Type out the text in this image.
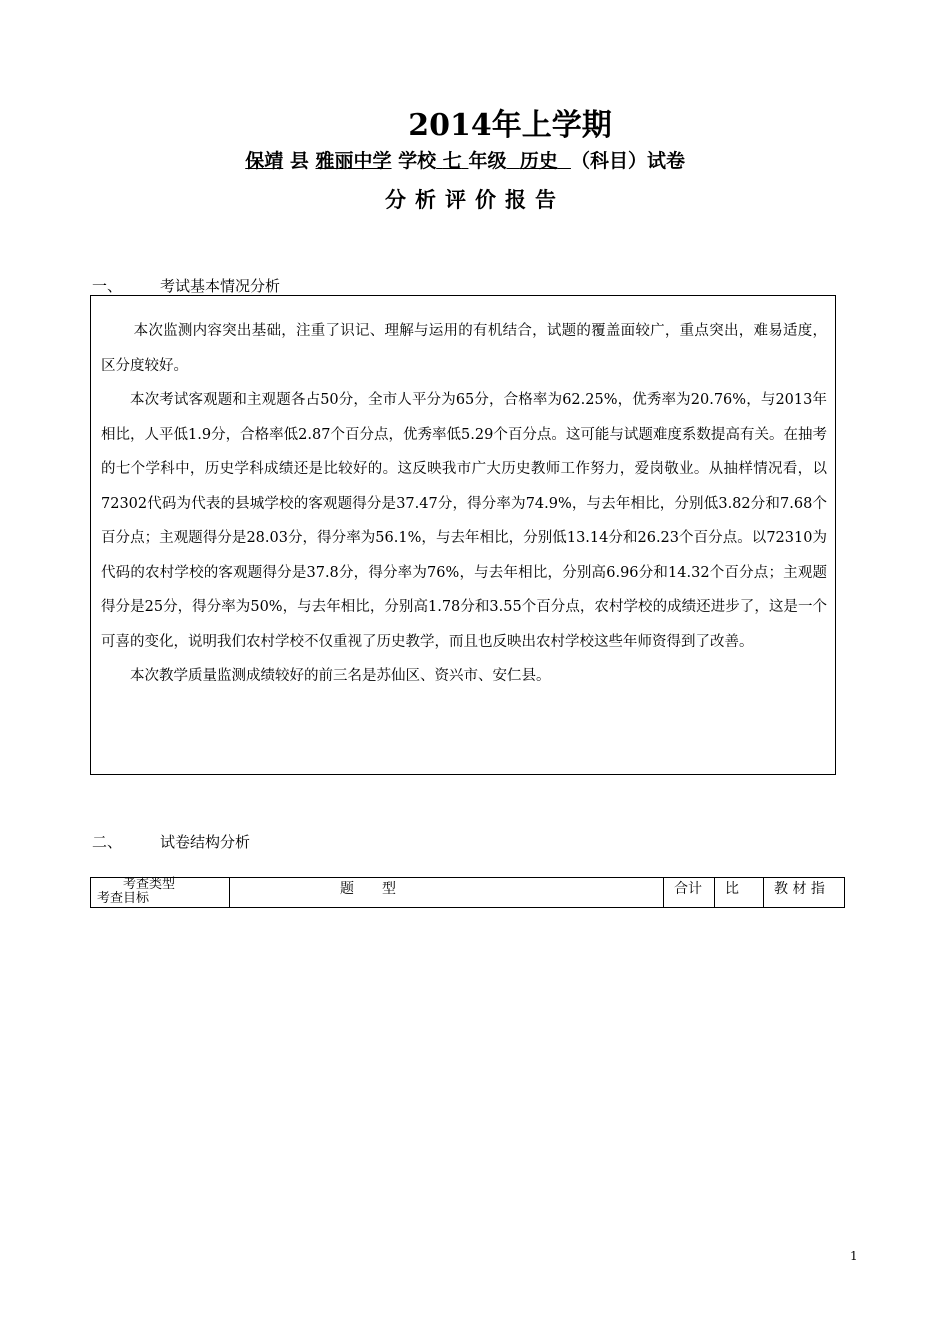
2014年上学期
保靖 县 雅丽中学 学校 七 年级 历史 （科目）试卷
分析评价报告
一、	考试基本情况分析

本次监测内容突出基础，注重了识记、理解与运用的有机结合，试题的覆盖面较广，重点突出，难易适度，区分度较好。

本次考试客观题和主观题各占50分，全市人平分为65分，合格率为62.25%，优秀率为20.76%，与2013年相比，人平低1.9分，合格率低2.87个百分点，优秀率低5.29个百分点。这可能与试题难度系数提高有关。在抽考的七个学科中，历史学科成绩还是比较好的。这反映我市广大历史教师工作努力，爱岗敬业。从抽样情况看，以72302代码为代表的县城学校的客观题得分是37.47分，得分率为74.9%，与去年相比，分别低3.82分和7.68个百分点；主观题得分是28.03分，得分率为56.1%，与去年相比，分别低13.14分和26.23个百分点。以72310为代码的农村学校的客观题得分是37.8分，得分率为76%，与去年相比，分别高6.96分和14.32个百分点；主观题得分是25分，得分率为50%，与去年相比，分别高1.78分和3.55个百分点，农村学校的成绩还进步了，这是一个可喜的变化，说明我们农村学校不仅重视了历史教学，而且也反映出农村学校这些年师资得到了改善。

本次教学质量监测成绩较好的前三名是苏仙区、资兴市、安仁县。

二、	试卷结构分析
考查类型
考查目标
	题　　型	合计	比	教 材 指
1
